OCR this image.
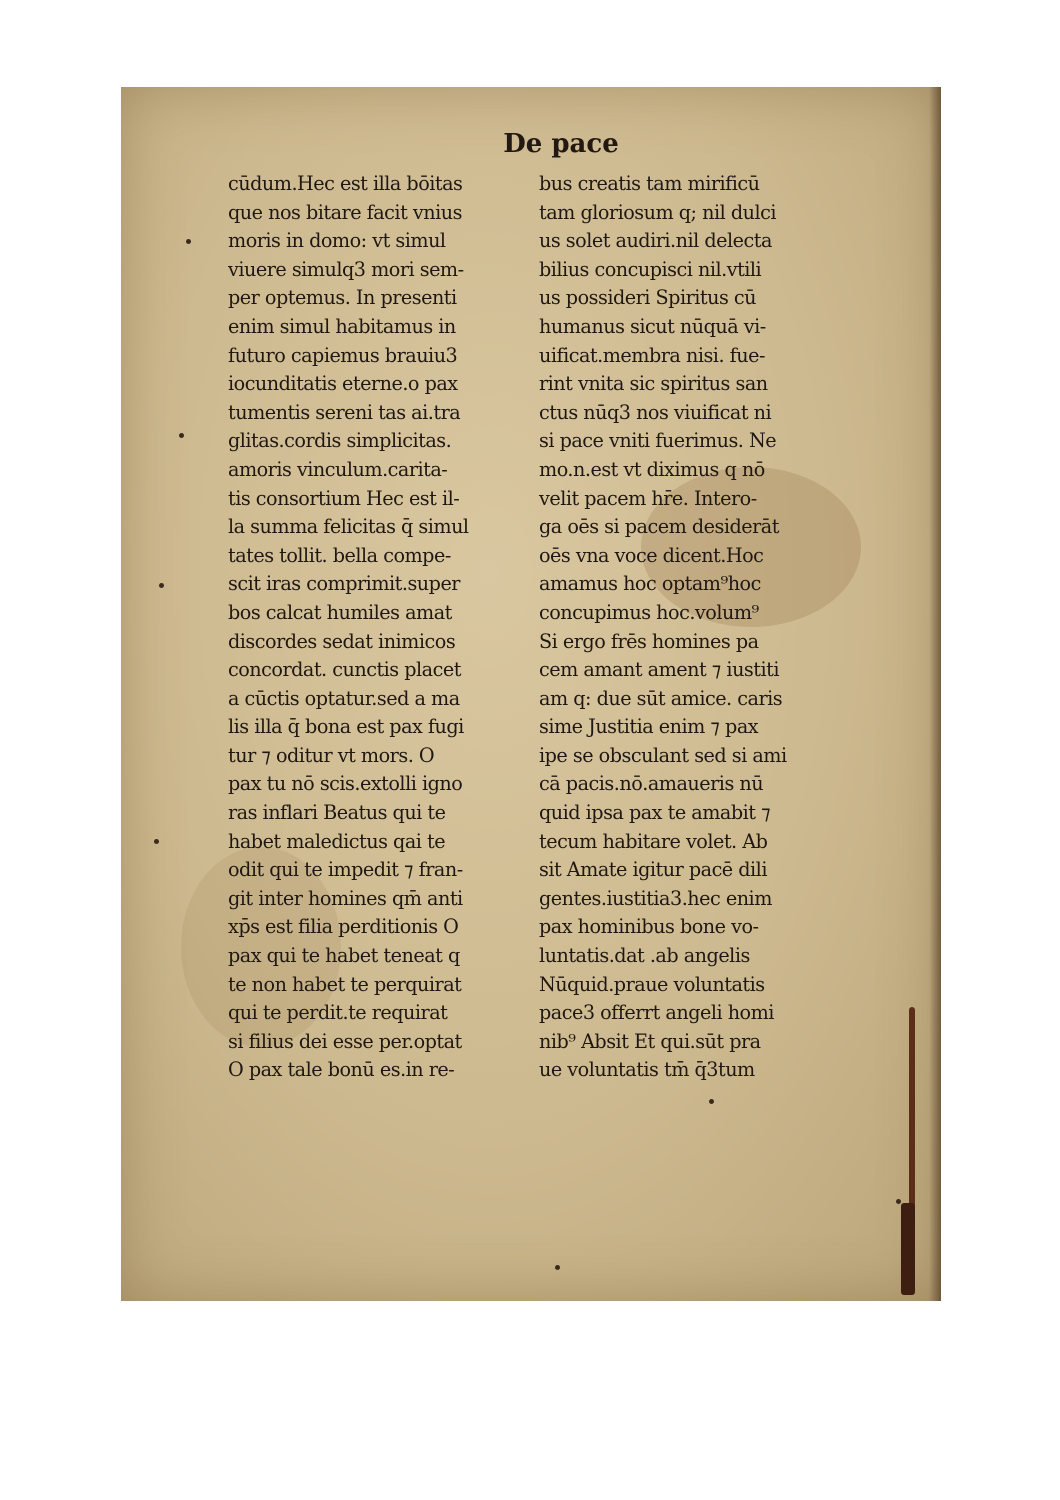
De pace
cūdum.Hec est illa bōitas
que nos bitare facit vnius
moris in domo: vt simul
viuere simulq3 mori sem-
per optemus. In presenti
enim simul habitamus in
futuro capiemus brauiu3
iocunditatis eterne.o pax
tumentis sereni tas ai.tra
glitas.cordis simplicitas.
amoris vinculum.carita-
tis consortium Hec est il-
la summa felicitas q̄ simul
tates tollit. bella compe-
scit iras comprimit.super
bos calcat humiles amat
discordes sedat inimicos
concordat. cunctis placet
a cūctis optatur.sed a ma
lis illa q̄ bona est pax fugi
tur ⁊ oditur vt mors. O
pax tu nō scis.extolli igno
ras inflari Beatus qui te
habet maledictus qai te
odit qui te impedit ⁊ fran-
git inter homines qm̄ anti
xp̄s est filia perditionis O
pax qui te habet teneat q
te non habet te perquirat
qui te perdit.te requirat
si filius dei esse per.optat
O pax tale bonū es.in re-
bus creatis tam mirificū
tam gloriosum q; nil dulci
us solet audiri.nil delecta
bilius concupisci nil.vtili
us possideri Spiritus cū
humanus sicut nūquā vi-
uificat.membra nisi. fue-
rint vnita sic spiritus san
ctus nūq3 nos viuificat ni
si pace vniti fuerimus. Ne
mo.n.est vt diximus q nō
velit pacem hr̄e. Intero-
ga oēs si pacem desiderāt
oēs vna voce dicent.Hoc
amamus hoc optam⁹hoc
concupimus hoc.volum⁹
Si ergo frēs homines pa
cem amant ament ⁊ iustiti
am q: due sūt amice. caris
sime Justitia enim ⁊ pax
ipe se obsculant sed si ami
cā pacis.nō.amaueris nū
quid ipsa pax te amabit ⁊
tecum habitare volet. Ab
sit Amate igitur pacē dili
gentes.iustitia3.hec enim
pax hominibus bone vo-
luntatis.dat .ab angelis
Nūquid.praue voluntatis
pace3 offerrt angeli homi
nib⁹ Absit Et qui.sūt pra
ue voluntatis tm̄ q̄3tum
